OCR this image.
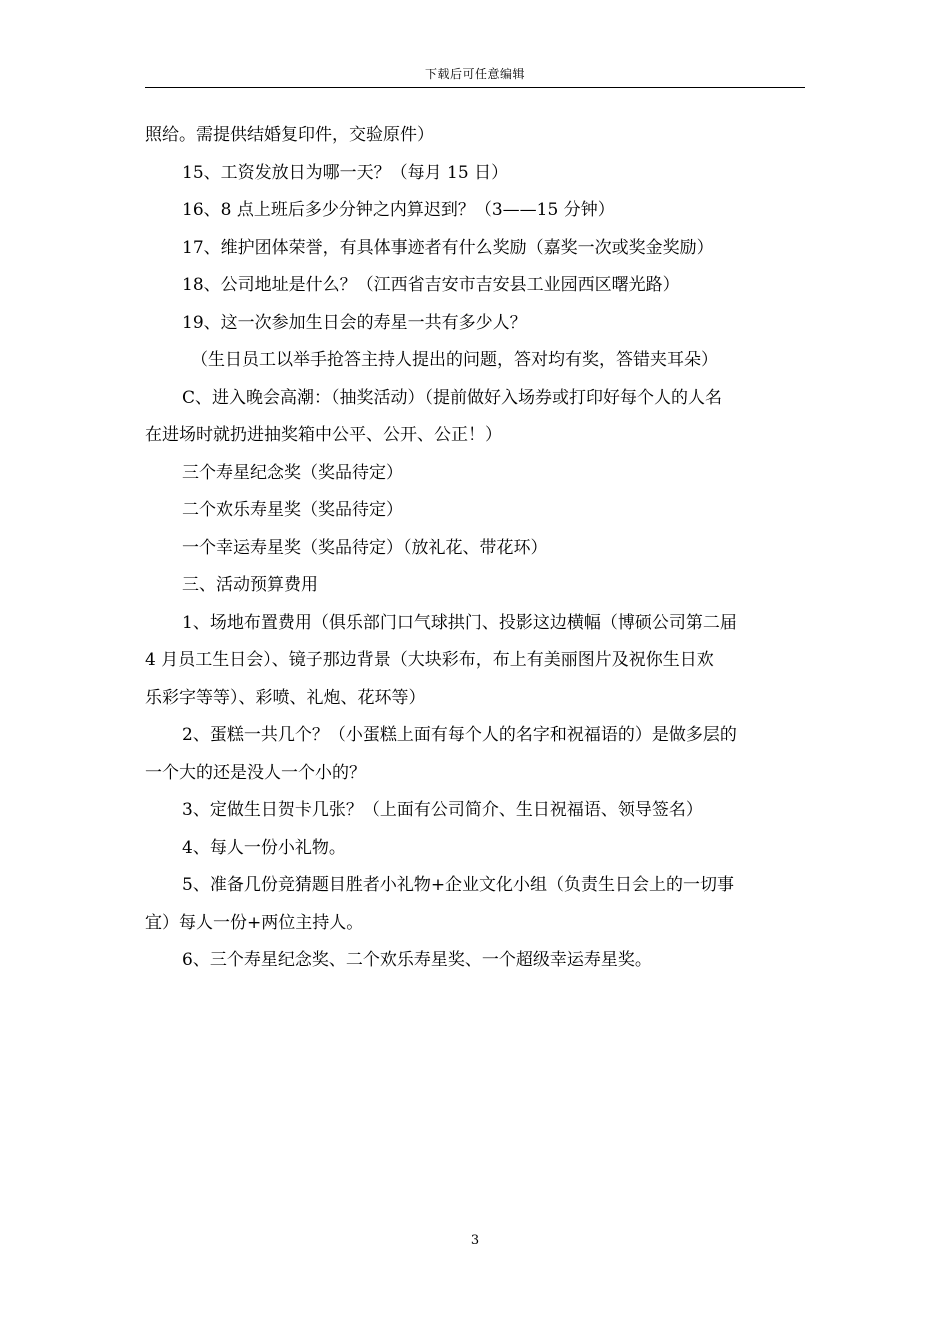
下载后可任意编辑

照给。需提供结婚复印件，交验原件）

15、工资发放日为哪一天？（每月 15 日）

16、8 点上班后多少分钟之内算迟到？（3——15 分钟）

17、维护团体荣誉，有具体事迹者有什么奖励（嘉奖一次或奖金奖励）

18、公司地址是什么？（江西省吉安市吉安县工业园西区曙光路）

19、这一次参加生日会的寿星一共有多少人？

（生日员工以举手抢答主持人提出的问题，答对均有奖，答错夹耳朵）

C、进入晚会高潮：（抽奖活动）（提前做好入场券或打印好每个人的人名

在进场时就扔进抽奖箱中公平、公开、公正！）

三个寿星纪念奖（奖品待定）

二个欢乐寿星奖（奖品待定）

一个幸运寿星奖（奖品待定）（放礼花、带花环）

三、活动预算费用

1、场地布置费用（俱乐部门口气球拱门、投影这边横幅（博硕公司第二届

4 月员工生日会）、镜子那边背景（大块彩布，布上有美丽图片及祝你生日欢

乐彩字等等）、彩喷、礼炮、花环等）

2、蛋糕一共几个？（小蛋糕上面有每个人的名字和祝福语的）是做多层的

一个大的还是没人一个小的？

3、定做生日贺卡几张？（上面有公司简介、生日祝福语、领导签名）

4、每人一份小礼物。

5、准备几份竞猜题目胜者小礼物+企业文化小组（负责生日会上的一切事

宜）每人一份+两位主持人。

6、三个寿星纪念奖、二个欢乐寿星奖、一个超级幸运寿星奖。

3
